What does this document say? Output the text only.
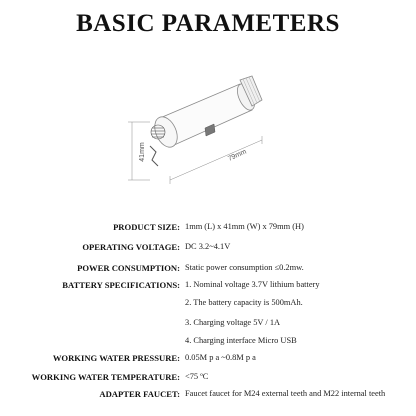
BASIC PARAMETERS
41mm	79mm
PRODUCT SIZE: 1mm (L) x 41mm (W) x 79mm (H)
OPERATING VOLTAGE: DC 3.2~4.1V
POWER CONSUMPTION: Static power consumption ≤0.2mw.
BATTERY SPECIFICATIONS: 1. Nominal voltage 3.7V lithium battery
2. The battery capacity is 500mAh.
3. Charging voltage 5V / 1A
4. Charging interface Micro USB
WORKING WATER PRESSURE: 0.05M p a ~0.8M p a
WORKING WATER TEMPERATURE: <75 ºC
ADAPTER FAUCET: Faucet faucet for M24 external teeth and M22 internal teeth
